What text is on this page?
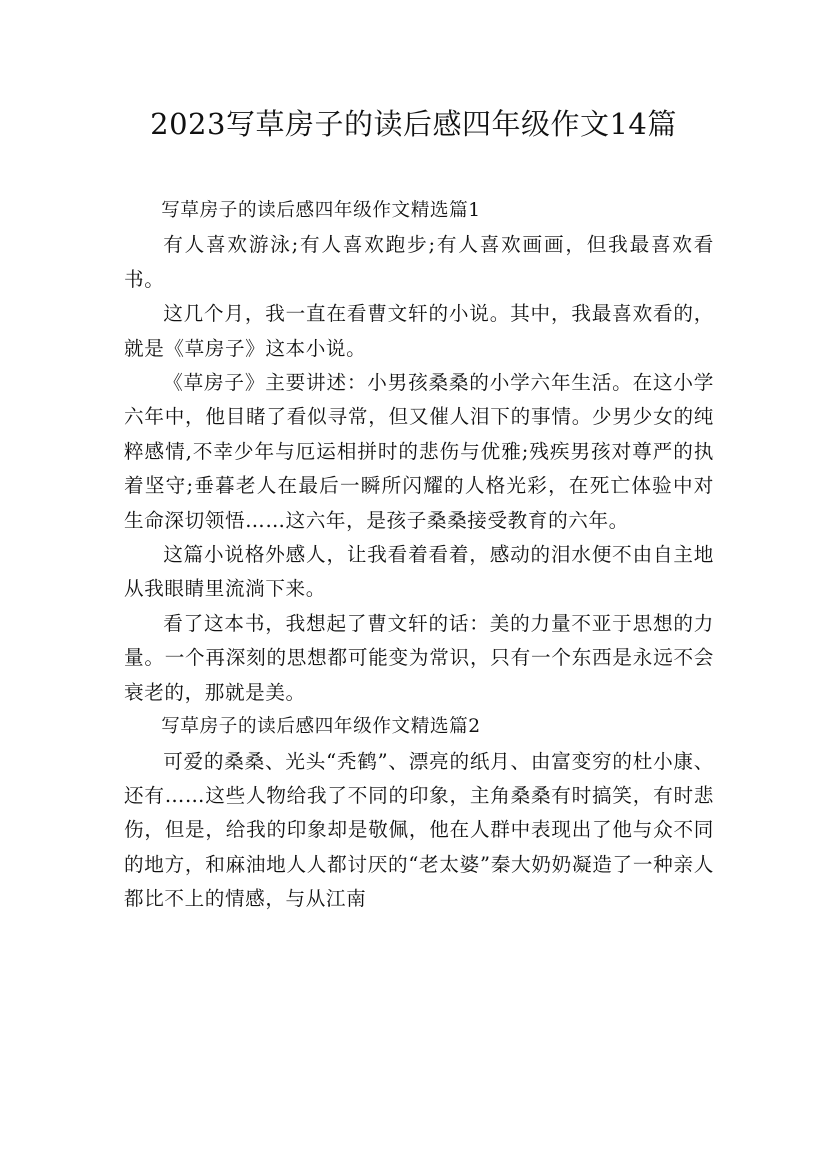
2023写草房子的读后感四年级作文14篇

写草房子的读后感四年级作文精选篇1

有人喜欢游泳;有人喜欢跑步;有人喜欢画画，但我最喜欢看书。

这几个月，我一直在看曹文轩的小说。其中，我最喜欢看的，就是《草房子》这本小说。

《草房子》主要讲述：小男孩桑桑的小学六年生活。在这小学六年中，他目睹了看似寻常，但又催人泪下的事情。少男少女的纯粹感情,不幸少年与厄运相拼时的悲伤与优雅;残疾男孩对尊严的执着坚守;垂暮老人在最后一瞬所闪耀的人格光彩，在死亡体验中对生命深切领悟……这六年，是孩子桑桑接受教育的六年。

这篇小说格外感人，让我看着看着，感动的泪水便不由自主地从我眼睛里流淌下来。

看了这本书，我想起了曹文轩的话：美的力量不亚于思想的力量。一个再深刻的思想都可能变为常识，只有一个东西是永远不会衰老的，那就是美。

写草房子的读后感四年级作文精选篇2

可爱的桑桑、光头“秃鹤”、漂亮的纸月、由富变穷的杜小康、还有……这些人物给我了不同的印象，主角桑桑有时搞笑，有时悲伤，但是，给我的印象却是敬佩，他在人群中表现出了他与众不同的地方，和麻油地人人都讨厌的“老太婆”秦大奶奶凝造了一种亲人都比不上的情感，与从江南
